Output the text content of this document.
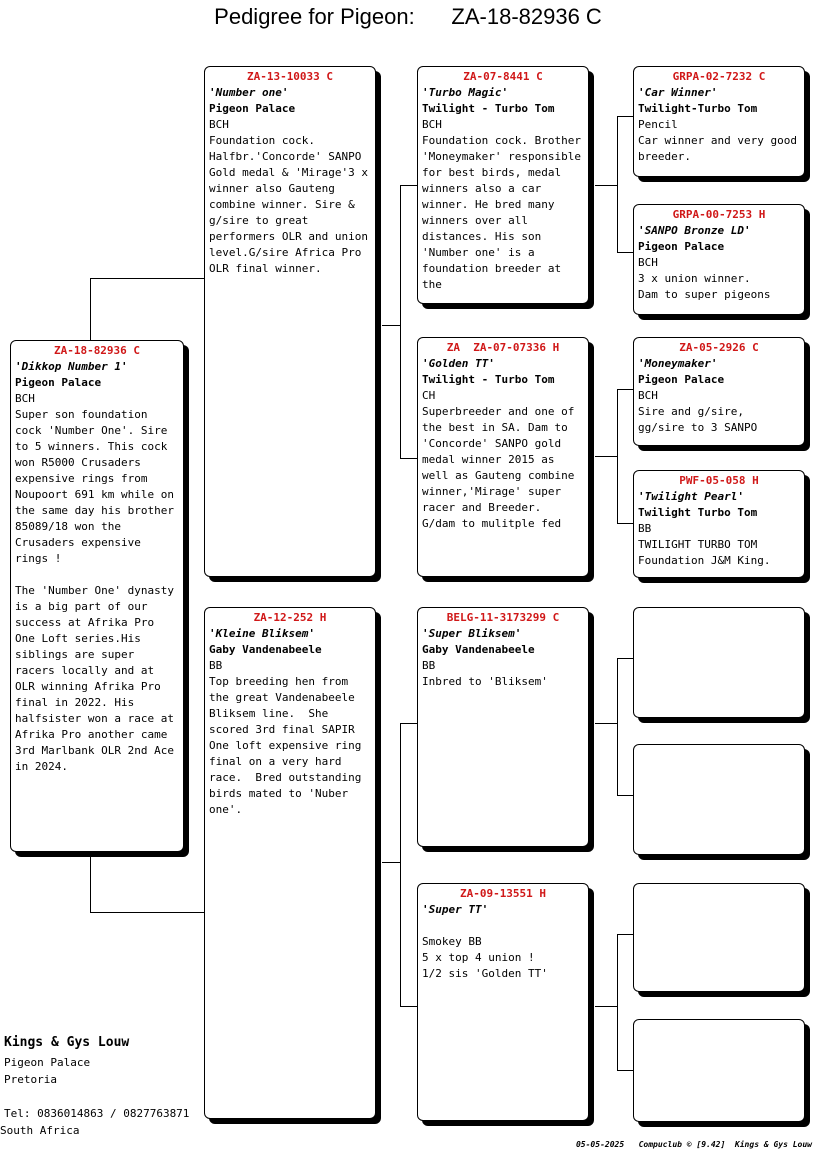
Pedigree for Pigeon:      ZA-18-82936 C
ZA-18-82936 C
'Dikkop Number 1'
Pigeon Palace
BCH
Super son foundation cock 'Number One'. Sire to 5 winners. This cock won R5000 Crusaders expensive rings from Noupoort 691 km while on the same day his brother 85089/18 won the Crusaders expensive rings !

The 'Number One' dynasty is a big part of our success at Afrika Pro One Loft series.His siblings are super racers locally and at OLR winning Afrika Pro final in 2022. His halfsister won a race at Afrika Pro another came 3rd Marlbank OLR 2nd Ace in 2024.
ZA-13-10033 C
'Number one'
Pigeon Palace
BCH
Foundation cock. Halfbr.'Concorde' SANPO Gold medal & 'Mirage'3 x winner also Gauteng combine winner. Sire & g/sire to great performers OLR and union level.G/sire Africa Pro OLR final winner.
ZA-12-252 H
'Kleine Bliksem'
Gaby Vandenabeele
BB
Top breeding hen from the great Vandenabeele Bliksem line.  She scored 3rd final SAPIR One loft expensive ring final on a very hard race.  Bred outstanding birds mated to 'Nuber one'.
ZA-07-8441 C
'Turbo Magic'
Twilight - Turbo Tom
BCH
Foundation cock. Brother 'Moneymaker' responsible for best birds, medal winners also a car winner. He bred many winners over all distances. His son 'Number one' is a foundation breeder at the
ZA  ZA-07-07336 H
'Golden TT'
Twilight - Turbo Tom
CH
Superbreeder and one of the best in SA. Dam to 'Concorde' SANPO gold medal winner 2015 as well as Gauteng combine winner,'Mirage' super racer and Breeder.  G/dam to mulitple fed
BELG-11-3173299 C
'Super Bliksem'
Gaby Vandenabeele
BB
Inbred to 'Bliksem'
ZA-09-13551 H
'Super TT'
Smokey BB
5 x top 4 union !
1/2 sis 'Golden TT'
GRPA-02-7232 C
'Car Winner'
Twilight-Turbo Tom
Pencil
Car winner and very good breeder.
GRPA-00-7253 H
'SANPO Bronze LD'
Pigeon Palace
BCH
3 x union winner.
Dam to super pigeons
ZA-05-2926 C
'Moneymaker'
Pigeon Palace
BCH
Sire and g/sire,
gg/sire to 3 SANPO
PWF-05-058 H
'Twilight Pearl'
Twilight Turbo Tom
BB
TWILIGHT TURBO TOM
Foundation J&M King.
Kings & Gys Louw
Pigeon Palace
Pretoria
Tel: 0836014863 / 0827763871
South Africa
05-05-2025   Compuclub © [9.42]  Kings & Gys Louw
